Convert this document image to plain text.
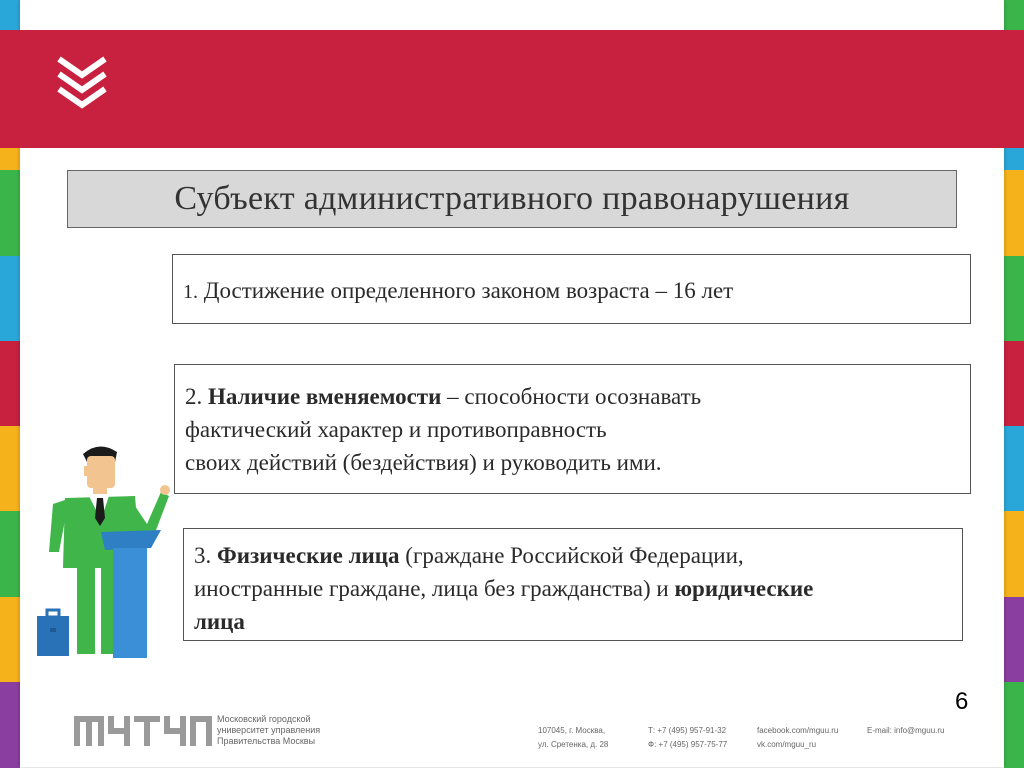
Субъект административного правонарушения
1. Достижение определенного законом возраста – 16 лет
2. Наличие вменяемости – способности осознавать
фактический характер и противоправность
своих действий (бездействия) и руководить ими.
3. Физические лица (граждане Российской Федерации,
иностранные граждане, лица без гражданства) и юридические
лица
6
Московский городской
университет управления
Правительства Москвы
107045, г. Москва,
ул. Сретенка, д. 28
Т: +7 (495) 957-91-32
Ф: +7 (495) 957-75-77
facebook.com/mguu.ru
vk.com/mguu_ru
E-mail: info@mguu.ru
